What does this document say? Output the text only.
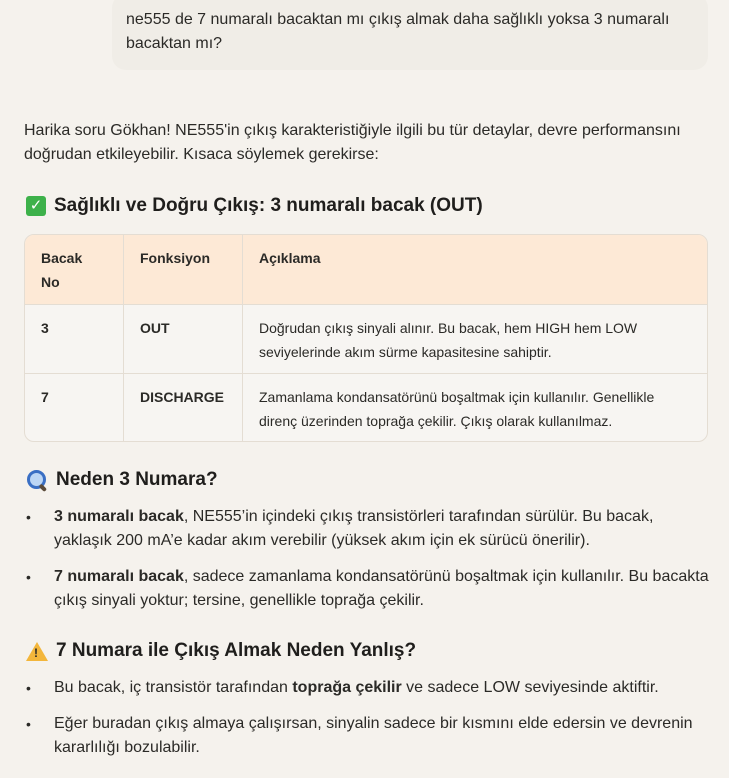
ne555 de 7 numaralı bacaktan mı çıkış almak daha sağlıklı yoksa 3 numaralı bacaktan mı?
Harika soru Gökhan! NE555'in çıkış karakteristiğiyle ilgili bu tür detaylar, devre performansını doğrudan etkileyebilir. Kısaca söylemek gerekirse:
✓ Sağlıklı ve Doğru Çıkış: 3 numaralı bacak (OUT)
Bacak No	Fonksiyon	Açıklama
3	OUT	Doğrudan çıkış sinyali alınır. Bu bacak, hem HIGH hem LOW seviyelerinde akım sürme kapasitesine sahiptir.
7	DISCHARGE	Zamanlama kondansatörünü boşaltmak için kullanılır. Genellikle direnç üzerinden toprağa çekilir. Çıkış olarak kullanılmaz.
Neden 3 Numara?
• 3 numaralı bacak, NE555’in içindeki çıkış transistörleri tarafından sürülür. Bu bacak, yaklaşık 200 mA’e kadar akım verebilir (yüksek akım için ek sürücü önerilir).
• 7 numaralı bacak, sadece zamanlama kondansatörünü boşaltmak için kullanılır. Bu bacakta çıkış sinyali yoktur; tersine, genellikle toprağa çekilir.
! 7 Numara ile Çıkış Almak Neden Yanlış?
• Bu bacak, iç transistör tarafından toprağa çekilir ve sadece LOW seviyesinde aktiftir.
• Eğer buradan çıkış almaya çalışırsan, sinyalin sadece bir kısmını elde edersin ve devrenin kararlılığı bozulabilir.
